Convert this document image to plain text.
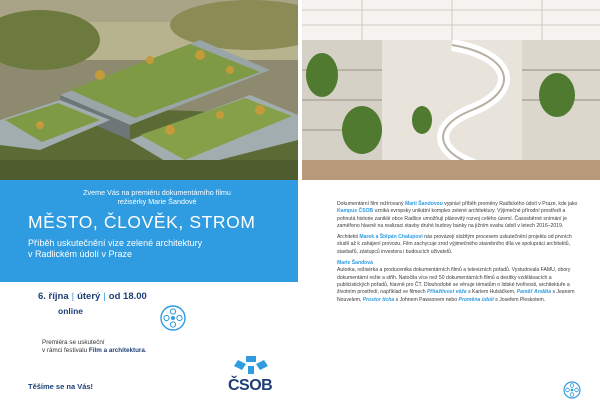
Zveme Vás na premiéru dokumentárního filmu
režisérky Marie Šandové
MĚSTO, ČLOVĚK, STROM
Příběh uskutečnění vize zelené architektury
v Radlickém údolí v Praze
6. října | úterý | od 18.00
online
Premiéra se uskuteční
v rámci festivalu Film a architektura.
Těšíme se na Vás!	ČSOB

Dokumentární film režírovaný Marií Šandovou vypráví příběh proměny Radlického údolí v Praze, kde jako Kampus ČSOB vzniká evropsky unikátní komplex zelené architektury. Výjimečné přírodní prostředí a pohnutá historie zaniklé obce Radlice umožňují plánovitý rozvoj celého území. Časosběrné snímání je zaměřeno hlavně na realizaci stavby druhé budovy banky na jižním svahu údolí v letech 2016–2019.

Architekti Marek a Štěpán Chalupovi nás provázejí složitým procesem uskutečnění projektu od prvních studií až k zahájení provozu. Film zachycuje zrod výjimečného stavebního díla ve spolupráci architektů, stavbařů, zástupců investora i budoucích uživatelů.

Marie Šandová
Autorka, režisérka a producentka dokumentárních filmů a televizních pořadů. Vystudovala FAMU, obory dokumentární režie a střih. Natočila více než 50 dokumentárních filmů a desítky vzdělávacích a publicistických pořadů, hlavně pro ČT. Dlouhodobě se věnuje tématům o lidské tvořivosti, architektuře a životním prostředí, například ve filmech Přitažlivost věže s Karlem Hubáčkem, Paměť Anděla s Jeanem Nouvelem, Prostor ticha s Johnem Pawsonem nebo Proměna údolí s Josefem Pleskotem.
